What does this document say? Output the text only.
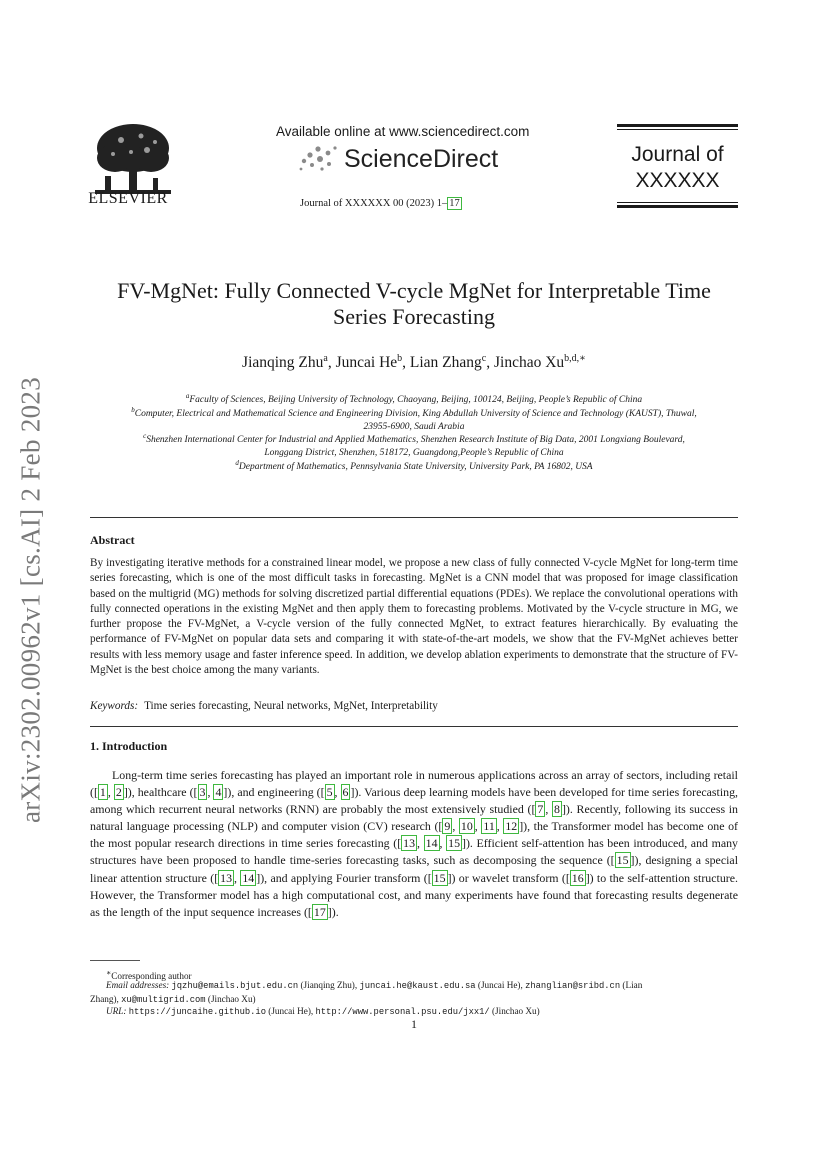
arXiv:2302.00962v1 [cs.AI] 2 Feb 2023
ELSEVIER
Available online at www.sciencedirect.com
ScienceDirect
Journal of XXXXXX 00 (2023) 1– 17
Journal of
XXXXXX
FV-MgNet: Fully Connected V-cycle MgNet for Interpretable Time
Series Forecasting
Jianqing Zhu$^a$, Juncai He$^b$, Lian Zhang$^c$, Jinchao $Xu^{b,d,∗}$
$^a$Faculty of Sciences, Beijing University of Technology, Chaoyang, Beijing, 100124, Beijing, People’s Republic of China
$^b$Computer, Electrical and Mathematical Science and Engineering Division, King Abdullah University of Science and Technology (KAUST), Thuwal,
23955-6900, Saudi Arabia
$^c$Shenzhen International Center for Industrial and Applied Mathematics, Shenzhen Research Institute of Big Data, 2001 Longxiang Boulevard,
Longgang District, Shenzhen, 518172, Guangdong,People’s Republic of China
$^d$Department of Mathematics, Pennsylvania State University, University Park, PA 16802, USA
Abstract
By investigating iterative methods for a constrained linear model, we propose a new class of fully connected V-cycle MgNet for long-term time series forecasting, which is one of the most difficult tasks in forecasting. MgNet is a CNN model that was proposed for image classification based on the multigrid (MG) methods for solving discretized partial differential equations (PDEs). We replace the convolutional operations with fully connected operations in the existing MgNet and then apply them to forecasting problems. Motivated by the V-cycle structure in MG, we further propose the FV-MgNet, a V-cycle version of the fully connected MgNet, to extract features hierarchically. By evaluating the performance of FV-MgNet on popular data sets and comparing it with state-of-the-art models, we show that the FV-MgNet achieves better results with less memory usage and faster inference speed. In addition, we develop ablation experiments to demonstrate that the structure of FV-MgNet is the best choice among the many variants.
Keywords: Time series forecasting, Neural networks, MgNet, Interpretability
1. Introduction
Long-term time series forecasting has played an important role in numerous applications across an array of sectors, including retail ([ 1 , 2 ]), healthcare ([ 3 , 4 ]), and engineering ([ 5 , 6 ]). Various deep learning models have been developed for time series forecasting, among which recurrent neural networks (RNN) are probably the most extensively studied ([ 7 , 8 ]). Recently, following its success in natural language processing (NLP) and computer vision (CV) research ([ 9 , 10 , 11 , 12 ]), the Transformer model has become one of the most popular research directions in time series forecasting ([ 13 , 14 , 15 ]). Efficient self-attention has been introduced, and many structures have been proposed to handle time-series forecasting tasks, such as decomposing the sequence ([ 15 ]), designing a special linear attention structure ([ 13 , 14 ]), and applying Fourier transform ([ 15 ]) or wavelet transform ([ 16 ]) to the self-attention structure. However, the Transformer model has a high computational cost, and many experiments have found that forecasting results degenerate as the length of the input sequence increases ([ 17 ]).
∗Corresponding author
Email addresses: jqzhu@emails.bjut.edu.cn (Jianqing Zhu), juncai.he@kaust.edu.sa (Juncai He), zhanglian@sribd.cn (Lian
Zhang), xu@multigrid.com (Jinchao Xu)
URL: https://juncaihe.github.io (Juncai He), http://www.personal.psu.edu/jxx1/ (Jinchao Xu)
1
